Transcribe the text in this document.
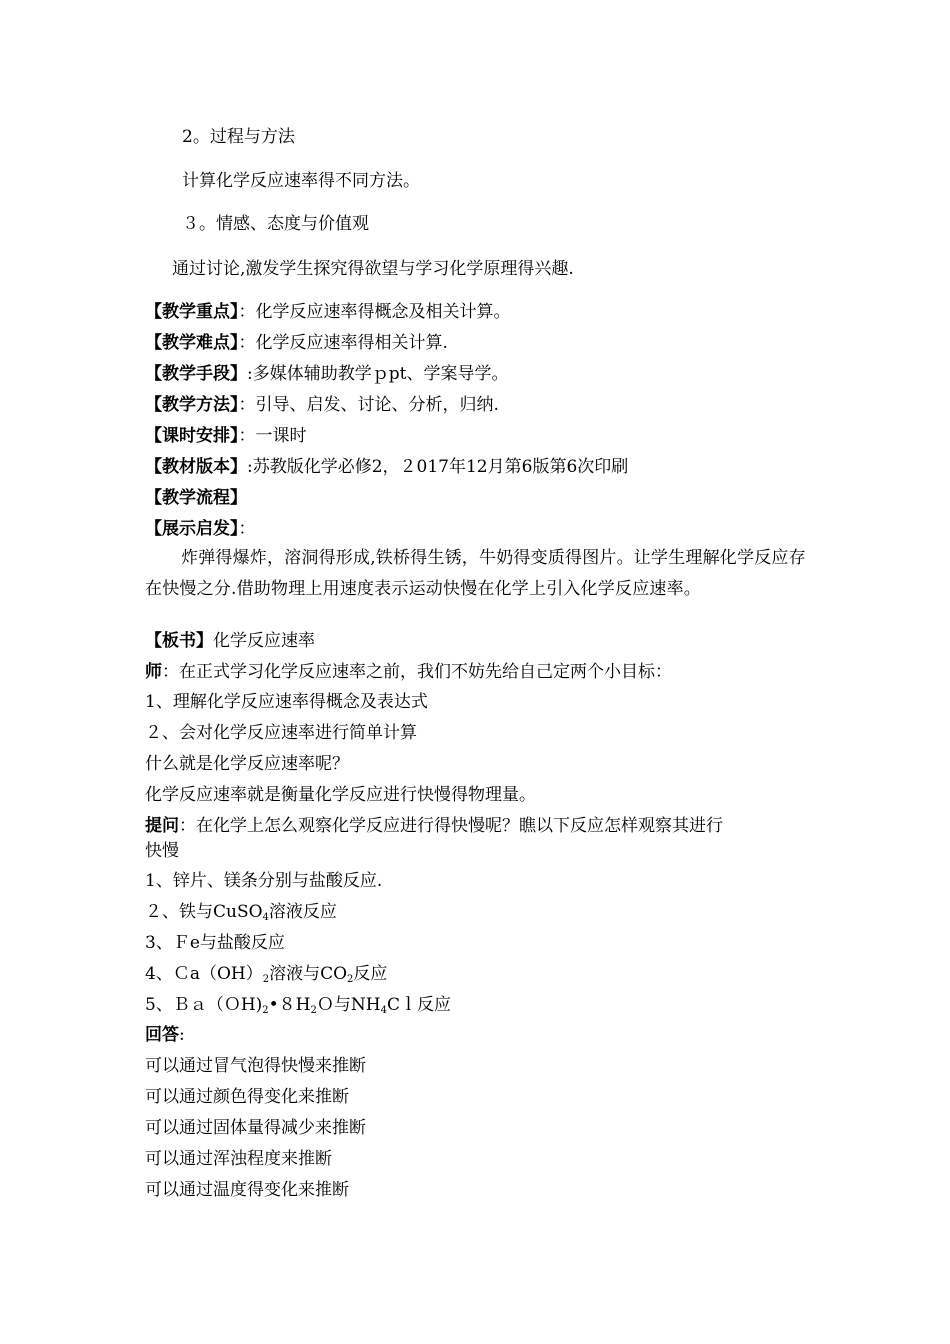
2。过程与方法
计算化学反应速率得不同方法。
３。情感、态度与价值观
通过讨论,激发学生探究得欲望与学习化学原理得兴趣.
【教学重点】：化学反应速率得概念及相关计算。
【教学难点】：化学反应速率得相关计算.
【教学手段】:多媒体辅助教学ｐpt、学案导学。
【教学方法】：引导、启发、讨论、分析，归纳.
【课时安排】：一课时
【教材版本】:苏教版化学必修2，２017年12月第6版第6次印刷
【教学流程】
【展示启发】：
炸弹得爆炸，溶洞得形成,铁桥得生锈，牛奶得变质得图片。让学生理解化学反应存在快慢之分.借助物理上用速度表示运动快慢在化学上引入化学反应速率。
【板书】化学反应速率
师：在正式学习化学反应速率之前，我们不妨先给自己定两个小目标：
1、理解化学反应速率得概念及表达式
２、会对化学反应速率进行简单计算
什么就是化学反应速率呢？
化学反应速率就是衡量化学反应进行快慢得物理量。
提问：在化学上怎么观察化学反应进行得快慢呢？瞧以下反应怎样观察其进行
快慢
1、锌片、镁条分别与盐酸反应.
２、铁与CuSO$_4$溶液反应
3、Ｆe与盐酸反应
4、$Ca(OH)_2$溶液与$CO_2$反应
5、$Ba(OH)_2•8H_2O$与$NH_4Cl$反应
回答:
可以通过冒气泡得快慢来推断
可以通过颜色得变化来推断
可以通过固体量得减少来推断
可以通过浑浊程度来推断
可以通过温度得变化来推断
